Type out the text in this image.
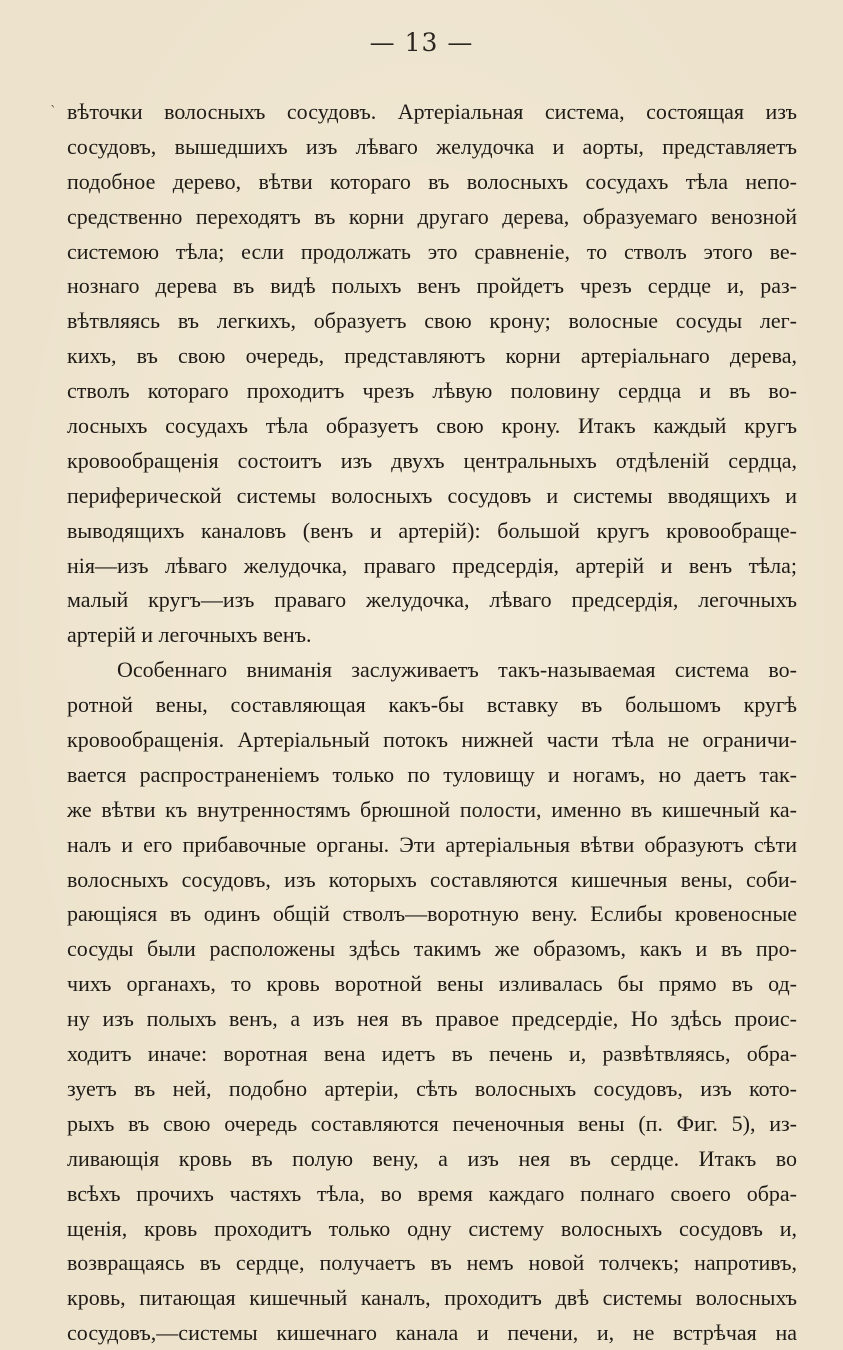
— 13 —
` вѣточки волосныхъ сосудовъ. Артеріальная система, состоящая изъ
сосудовъ, вышедшихъ изъ лѣваго желудочка и аорты, представляетъ
подобное дерево, вѣтви котораго въ волосныхъ сосудахъ тѣла непо-
средственно переходятъ въ корни другаго дерева, образуемаго венозной
системою тѣла; если продолжать это сравненіе, то стволъ этого ве-
нознаго дерева въ видѣ полыхъ венъ пройдетъ чрезъ сердце и, раз-
вѣтвляясь въ легкихъ, образуетъ свою крону; волосные сосуды лег-
кихъ, въ свою очередь, представляютъ корни артеріальнаго дерева,
стволъ котораго проходитъ чрезъ лѣвую половину сердца и въ во-
лосныхъ сосудахъ тѣла образуетъ свою крону. Итакъ каждый кругъ
кровообращенія состоитъ изъ двухъ центральныхъ отдѣленій сердца,
периферической системы волосныхъ сосудовъ и системы вводящихъ и
выводящихъ каналовъ (венъ и артерій): большой кругъ кровообраще-
нія—изъ лѣваго желудочка, праваго предсердія, артерій и венъ тѣла;
малый кругъ—изъ праваго желудочка, лѣваго предсердія, легочныхъ
артерій и легочныхъ венъ.
Особеннаго вниманія заслуживаетъ такъ-называемая система во-
ротной вены, составляющая какъ-бы вставку въ большомъ кругѣ
кровообращенія. Артеріальный потокъ нижней части тѣла не ограничи-
вается распространеніемъ только по туловищу и ногамъ, но даетъ так-
же вѣтви къ внутренностямъ брюшной полости, именно въ кишечный ка-
налъ и его прибавочные органы. Эти артеріальныя вѣтви образуютъ сѣти
волосныхъ сосудовъ, изъ которыхъ составляются кишечныя вены, соби-
рающіяся въ одинъ общій стволъ—воротную вену. Еслибы кровеносные
сосуды были расположены здѣсь такимъ же образомъ, какъ и въ про-
чихъ органахъ, то кровь воротной вены изливалась бы прямо въ од-
ну изъ полыхъ венъ, а изъ нея въ правое предсердіе, Но здѣсь проис-
ходитъ иначе: воротная вена идетъ въ печень и, развѣтвляясь, обра-
зуетъ въ ней, подобно артеріи, сѣть волосныхъ сосудовъ, изъ кото-
рыхъ въ свою очередь составляются печеночныя вены (п. Фиг. 5), из-
ливающія кровь въ полую вену, а изъ нея въ сердце. Итакъ во
всѣхъ прочихъ частяхъ тѣла, во время каждаго полнаго своего обра-
щенія, кровь проходитъ только одну систему волосныхъ сосудовъ и,
возвращаясь въ сердце, получаетъ въ немъ новой толчекъ; напротивъ,
кровь, питающая кишечный каналъ, проходитъ двѣ системы волосныхъ
сосудовъ,—системы кишечнаго канала и печени, и, не встрѣчая на
